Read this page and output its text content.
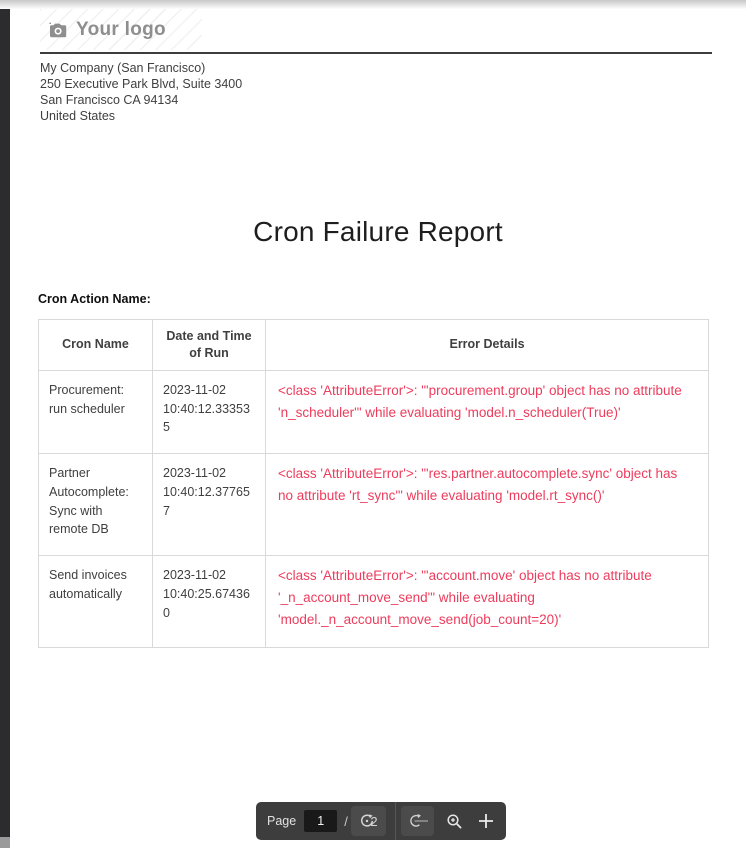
Your logo
My Company (San Francisco)
250 Executive Park Blvd, Suite 3400
San Francisco CA 94134
United States
Cron Failure Report
Cron Action Name:
Cron Name	Date and Time of Run	Error Details
Procurement: run scheduler	2023-11-02 10:40:12.333535	<class 'AttributeError'>: "'procurement.group' object has no attribute 'n_scheduler'" while evaluating 'model.n_scheduler(True)'
Partner Autocomplete: Sync with remote DB	2023-11-02 10:40:12.377657	<class 'AttributeError'>: "'res.partner.autocomplete.sync' object has no attribute 'rt_sync'" while evaluating 'model.rt_sync()'
Send invoices automatically	2023-11-02 10:40:25.674360	<class 'AttributeError'>: "'account.move' object has no attribute '_n_account_move_send'" while evaluating 'model._n_account_move_send(job_count=20)'
Page
1	/ 2
